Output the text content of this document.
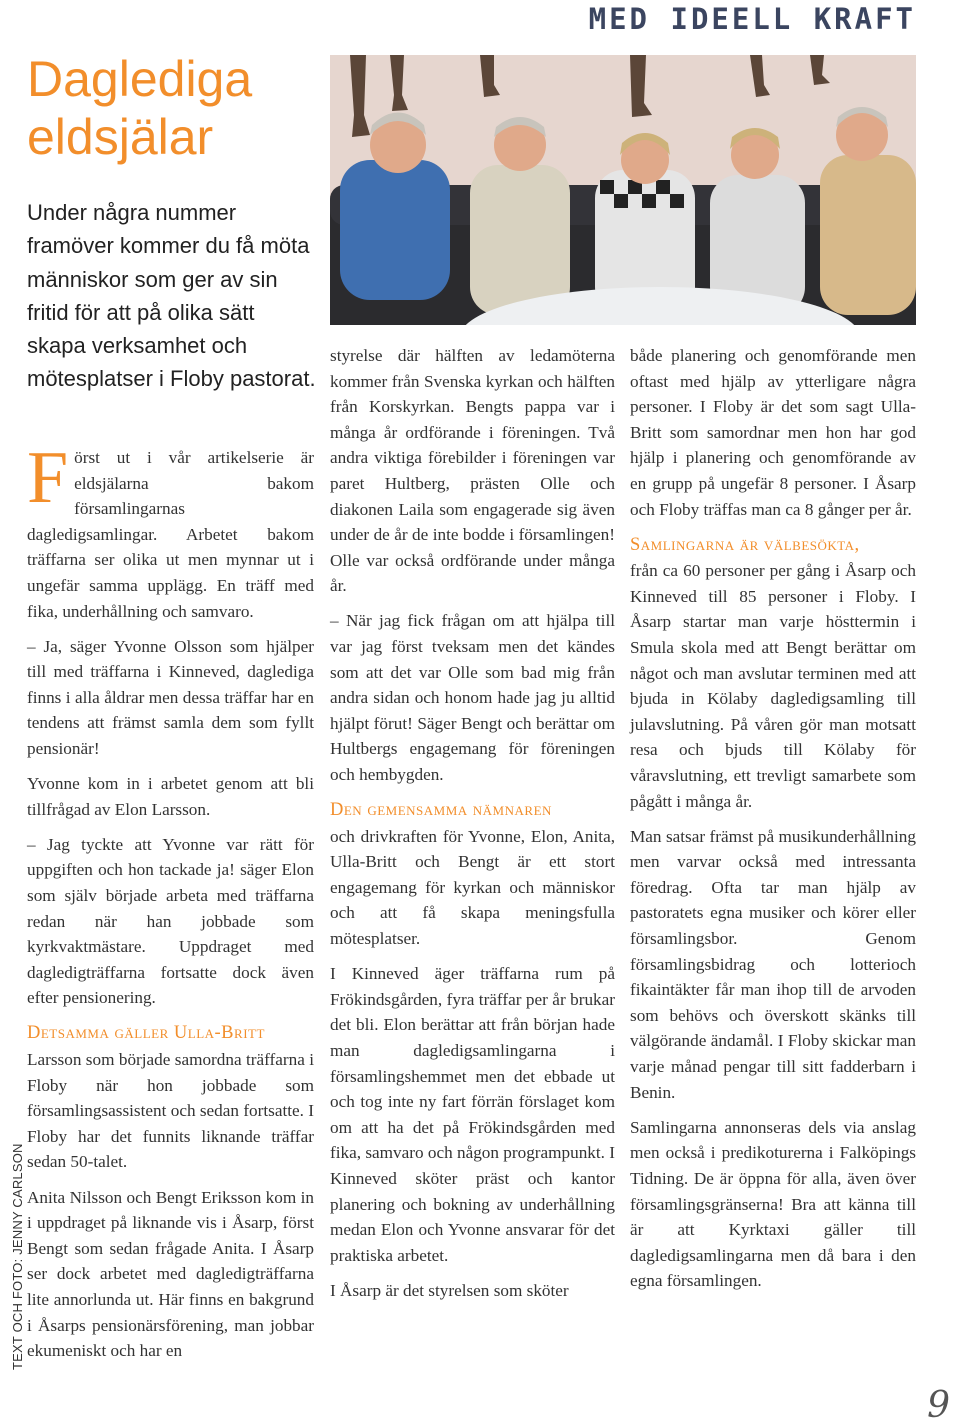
MED IDEELL KRAFT
TEXT OCH FOTO: JENNY CARLSON
Dagledigа
eldsjälar
Under några nummer framöver kommer du få möta människor som ger av sin fritid för att på olika sätt skapa verksamhet och mötesplatser i Floby pastorat.

Först ut i vår artikelserie är eldsjälarna bakom församlingarnas dagledigsamlingar. Arbetet bakom träffarna ser olika ut men mynnar ut i ungefär samma upplägg. En träff med fika, underhållning och samvaro.

– Ja, säger Yvonne Olsson som hjälper till med träffarna i Kinneved, dagledigа finns i alla åldrar men dessa träffar har en tendens att främst samla dem som fyllt pensionär!

Yvonne kom in i arbetet genom att bli tillfrågad av Elon Larsson.

– Jag tyckte att Yvonne var rätt för uppgiften och hon tackade ja! säger Elon som själv började arbeta med träffarna redan när han jobbade som kyrkvaktmästare. Uppdraget med dagledigträffarna fortsatte dock även efter pensionering.

Detsamma gäller Ulla-Britt
Larsson som började samordna träffarna i Floby när hon jobbade som församlingsassistent och sedan fortsatte. I Floby har det funnits liknande träffar sedan 50-talet.

Anita Nilsson och Bengt Eriksson kom in i uppdraget på liknande vis i Åsarp, först Bengt som sedan frågade Anita. I Åsarp ser dock arbetet med dagledigträffarna lite annorlunda ut. Här finns en bakgrund i Åsarps pensionärsförening, man jobbar ekumeniskt och har en

styrelse där hälften av ledamöterna kommer från Svenska kyrkan och hälften från Korskyrkan. Bengts pappa var i många år ordförande i föreningen. Två andra viktiga förebilder i föreningen var paret Hultberg, prästen Olle och diakonen Laila som engagerade sig även under de år de inte bodde i församlingen! Olle var också ordförande under många år.

– När jag fick frågan om att hjälpa till var jag först tveksam men det kändes som att det var Olle som bad mig från andra sidan och honom hade jag ju alltid hjälpt förut! Säger Bengt och berättar om Hultbergs engagemang för föreningen och hembygden.

Den gemensamma nämnaren
och drivkraften för Yvonne, Elon, Anita, Ulla-Britt och Bengt är ett stort engagemang för kyrkan och människor och att få skapa meningsfulla mötesplatser.

I Kinneved äger träffarna rum på Frökindsgården, fyra träffar per år brukar det bli. Elon berättar att från början hade man dagledigsamlingarna i församlingshemmet men det ebbade ut och tog inte ny fart förrän förslaget kom om att ha det på Frökindsgården med fika, samvaro och någon programpunkt. I Kinneved sköter präst och kantor planering och bokning av underhållning medan Elon och Yvonne ansvarar för det praktiska arbetet.

I Åsarp är det styrelsen som sköter

både planering och genomförande men oftast med hjälp av ytterligare några personer. I Floby är det som sagt Ulla-Britt som samordnar men hon har god hjälp i planering och genomförande av en grupp på ungefär 8 personer. I Åsarp och Floby träffas man ca 8 gånger per år.

Samlingarna är välbesökta,
från ca 60 personer per gång i Åsarp och Kinneved till 85 personer i Floby. I Åsarp startar man varje hösttermin i Smula skola med att Bengt berättar om något och man avslutar terminen med att bjuda in Kölaby dagledigsamling till julavslutning. På våren gör man motsatt resa och bjuds till Kölaby för våravslutning, ett trevligt samarbete som pågått i många år.

Man satsar främst på musikunderhållning men varvar också med intressanta föredrag. Ofta tar man hjälp av pastoratets egna musiker och körer eller församlingsbor. Genom församlingsbidrag och lotterioch fikaintäkter får man ihop till de arvoden som behövs och överskott skänks till välgörande ändamål. I Floby skickar man varje månad pengar till sitt fadderbarn i Benin.

Samlingarna annonseras dels via anslag men också i predikoturerna i Falköpings Tidning. De är öppna för alla, även över församlingsgränserna! Bra att känna till är att Kyrktaxi gäller till dagledigsamlingarna men då bara i den egna församlingen.

9
